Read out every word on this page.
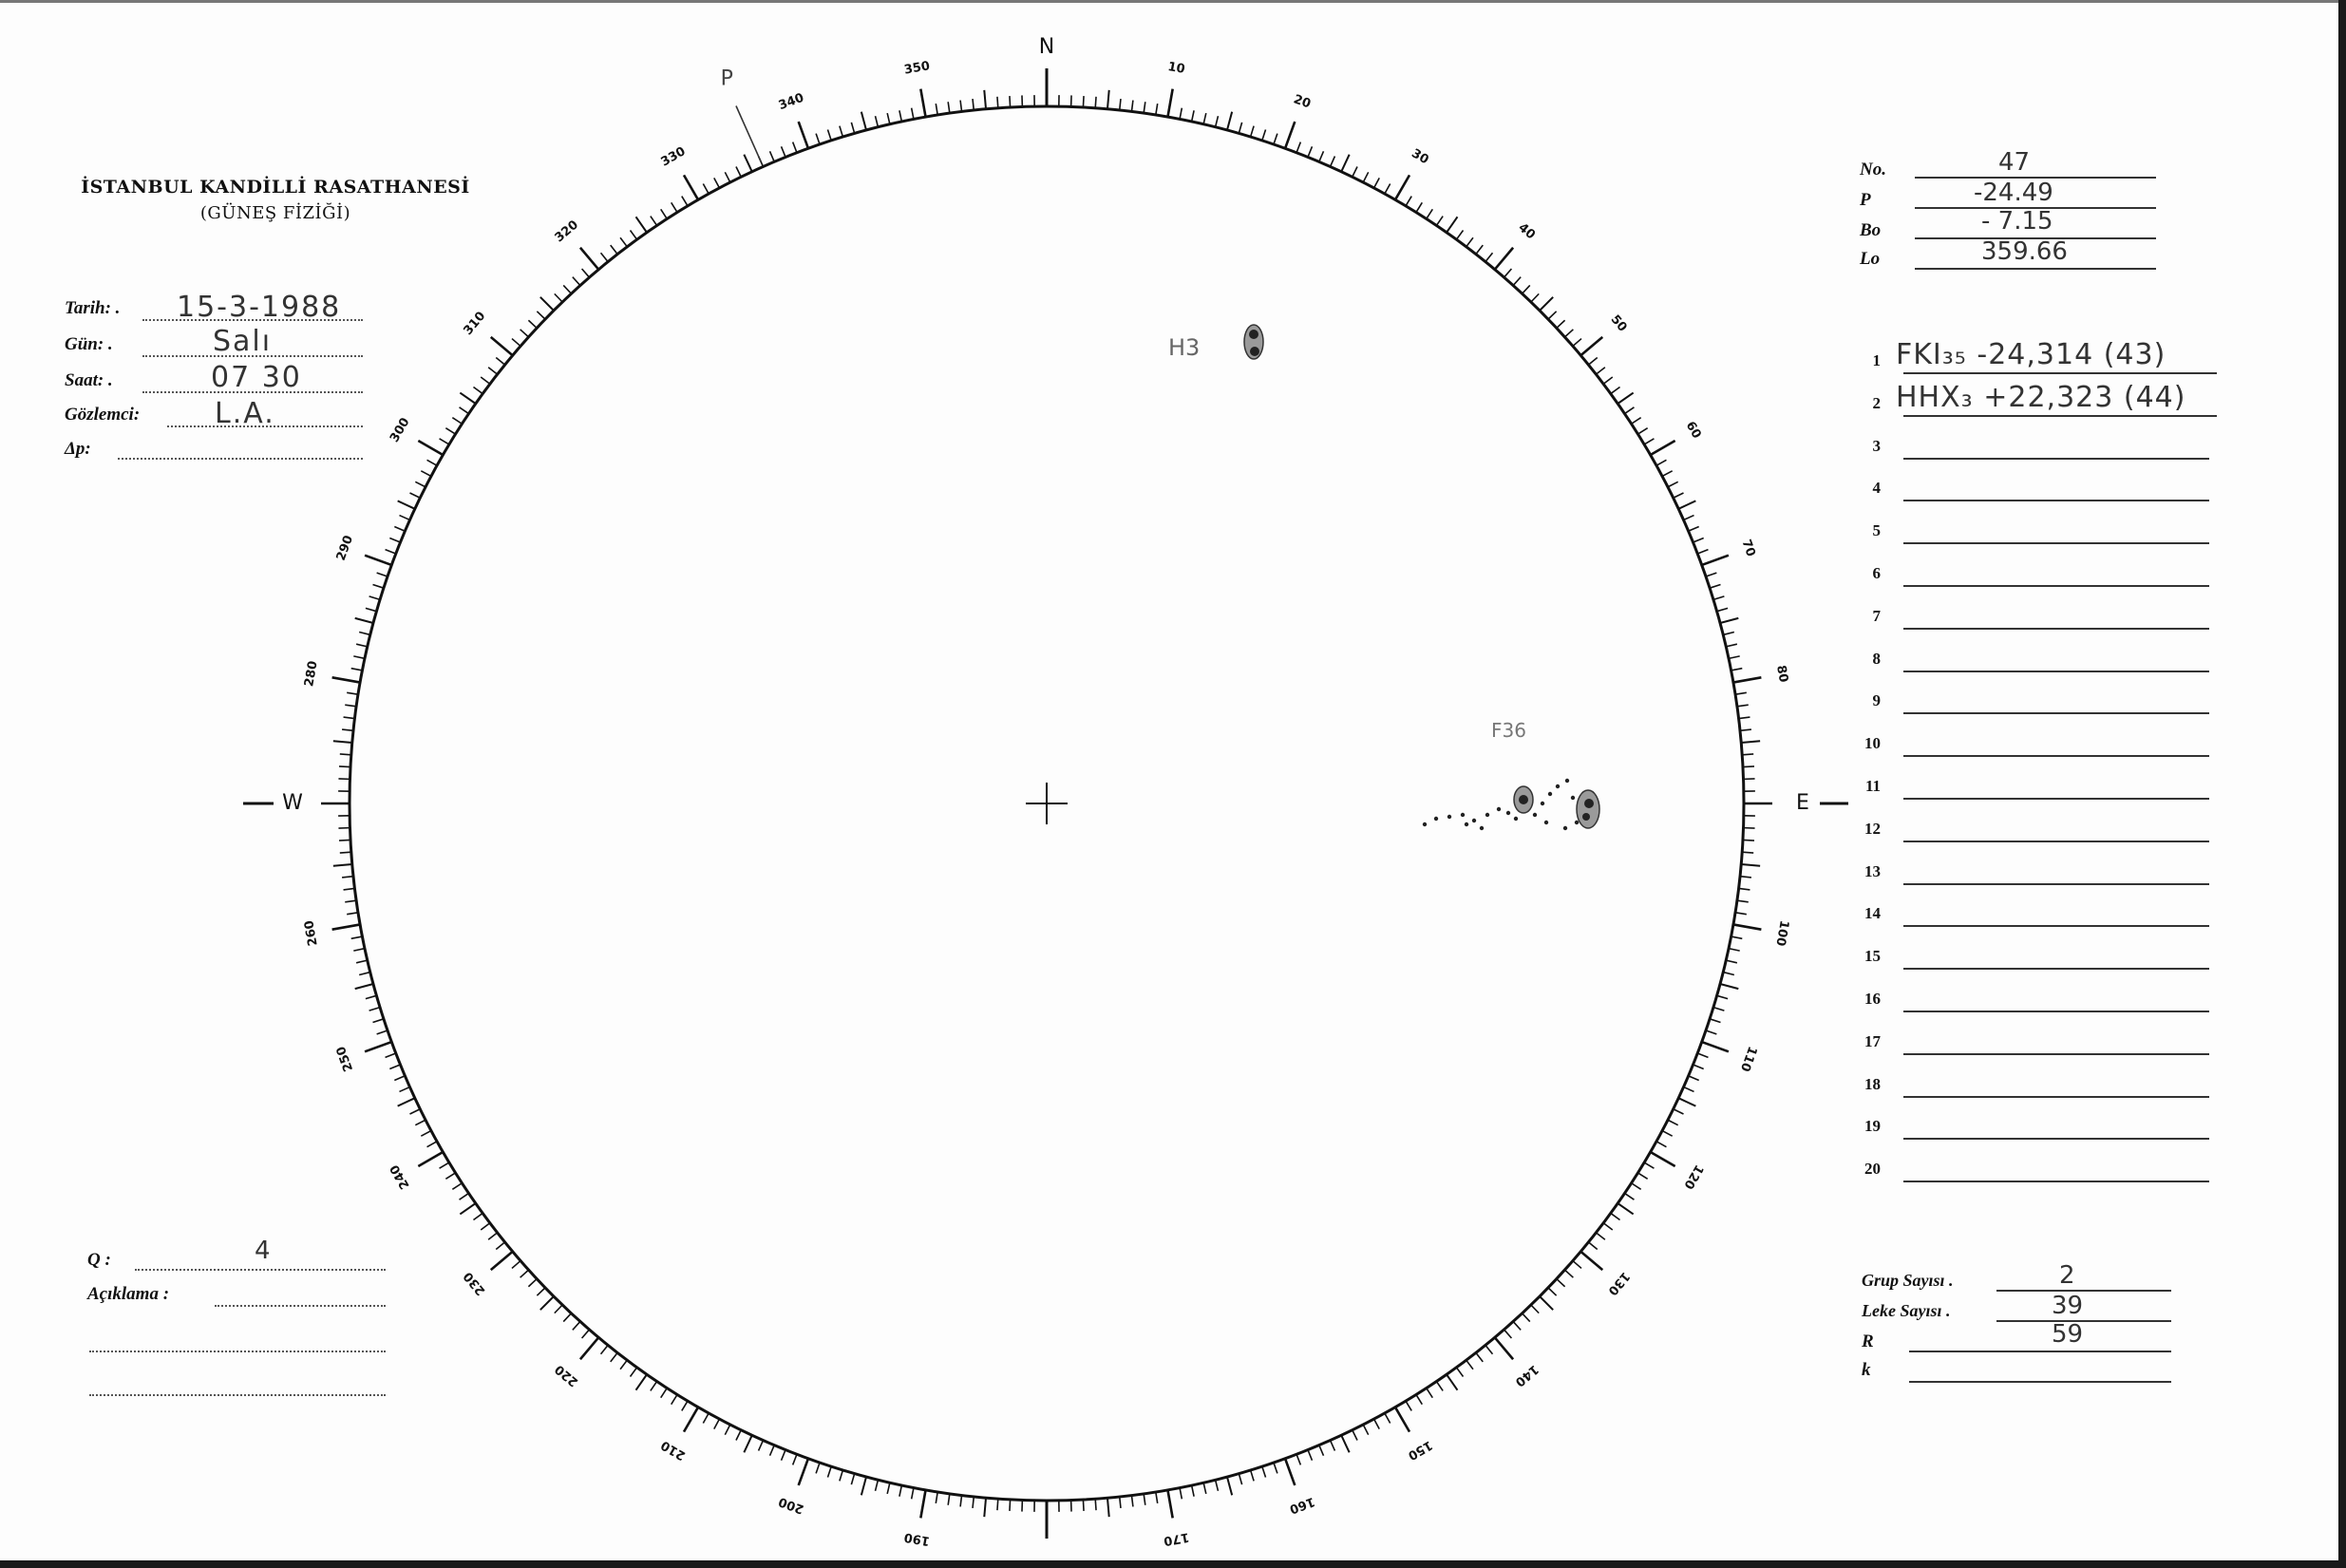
İSTANBUL KANDİLLİ RASATHANESİ
(GÜNEŞ FİZİĞİ)
Tarih: . 15-3-1988
Gün: .	Salı
Saat: .	07 30
Gözlemci:	L.A.
Δp:
No.	47
P	-24.49
Bo	- 7.15
Lo	359.66
1 FKI₃₅ -24,314 (43)
2 HHX₃ +22,323 (44)
3
4
5
6
7
8
9
10
11
12
13
14
15
16
17
18
19
20
Grup Sayısı .	2
Leke Sayısı .	39
R	59
k
Q :	4
Açıklama :
10
20
30
40
50
60
70
80
100
110
120
130
140
150
160
170
190
200
210
220
230
240
250
260
280
290
300
310
320
330
340
350
N
E
W
P
H3
F36
